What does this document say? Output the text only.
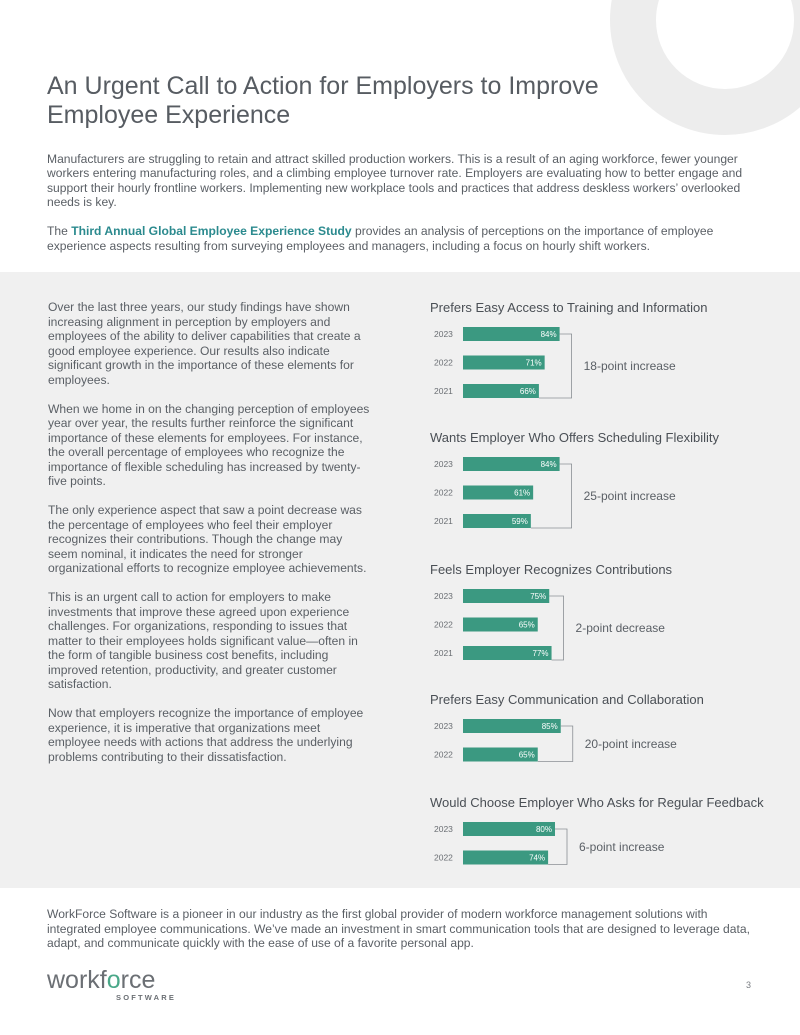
An Urgent Call to Action for Employers to Improve
Employee Experience

Manufacturers are struggling to retain and attract skilled production workers. This is a result of an aging workforce, fewer younger workers entering manufacturing roles, and a climbing employee turnover rate. Employers are evaluating how to better engage and support their hourly frontline workers. Implementing new workplace tools and practices that address deskless workers’ overlooked needs is key.

The Third Annual Global Employee Experience Study provides an analysis of perceptions on the importance of employee experience aspects resulting from surveying employees and managers, including a focus on hourly shift workers.

Over the last three years, our study findings have shown increasing alignment in perception by employers and employees of the ability to deliver capabilities that create a good employee experience. Our results also indicate significant growth in the importance of these elements for employees.

When we home in on the changing perception of employees year over year, the results further reinforce the significant importance of these elements for employees. For instance, the overall percentage of employees who recognize the importance of flexible scheduling has increased by twenty-five points.

The only experience aspect that saw a point decrease was the percentage of employees who feel their employer recognizes their contributions. Though the change may seem nominal, it indicates the need for stronger organizational efforts to recognize employee achievements.

This is an urgent call to action for employers to make investments that improve these agreed upon experience challenges. For organizations, responding to issues that matter to their employees holds significant value—often in the form of tangible business cost benefits, including improved retention, productivity, and greater customer satisfaction.

Now that employers recognize the importance of employee experience, it is imperative that organizations meet employee needs with actions that address the underlying problems contributing to their dissatisfaction.

Prefers Easy Access to Training and Information
2023	84%
2022	71%
2021	66%
18-point increase
Wants Employer Who Offers Scheduling Flexibility
2023	84%
2022	61%
2021	59%
25-point increase
Feels Employer Recognizes Contributions
2023	75%
2022	65%
2021	77%
2-point decrease
Prefers Easy Communication and Collaboration
2023	85%
2022	65%
20-point increase
Would Choose Employer Who Asks for Regular Feedback
2023	80%
2022	74%
6-point increase

WorkForce Software is a pioneer in our industry as the first global provider of modern workforce management solutions with integrated employee communications. We’ve made an investment in smart communication tools that are designed to leverage data, adapt, and communicate quickly with the ease of use of a favorite personal app.

workforce
SOFTWARE
3
